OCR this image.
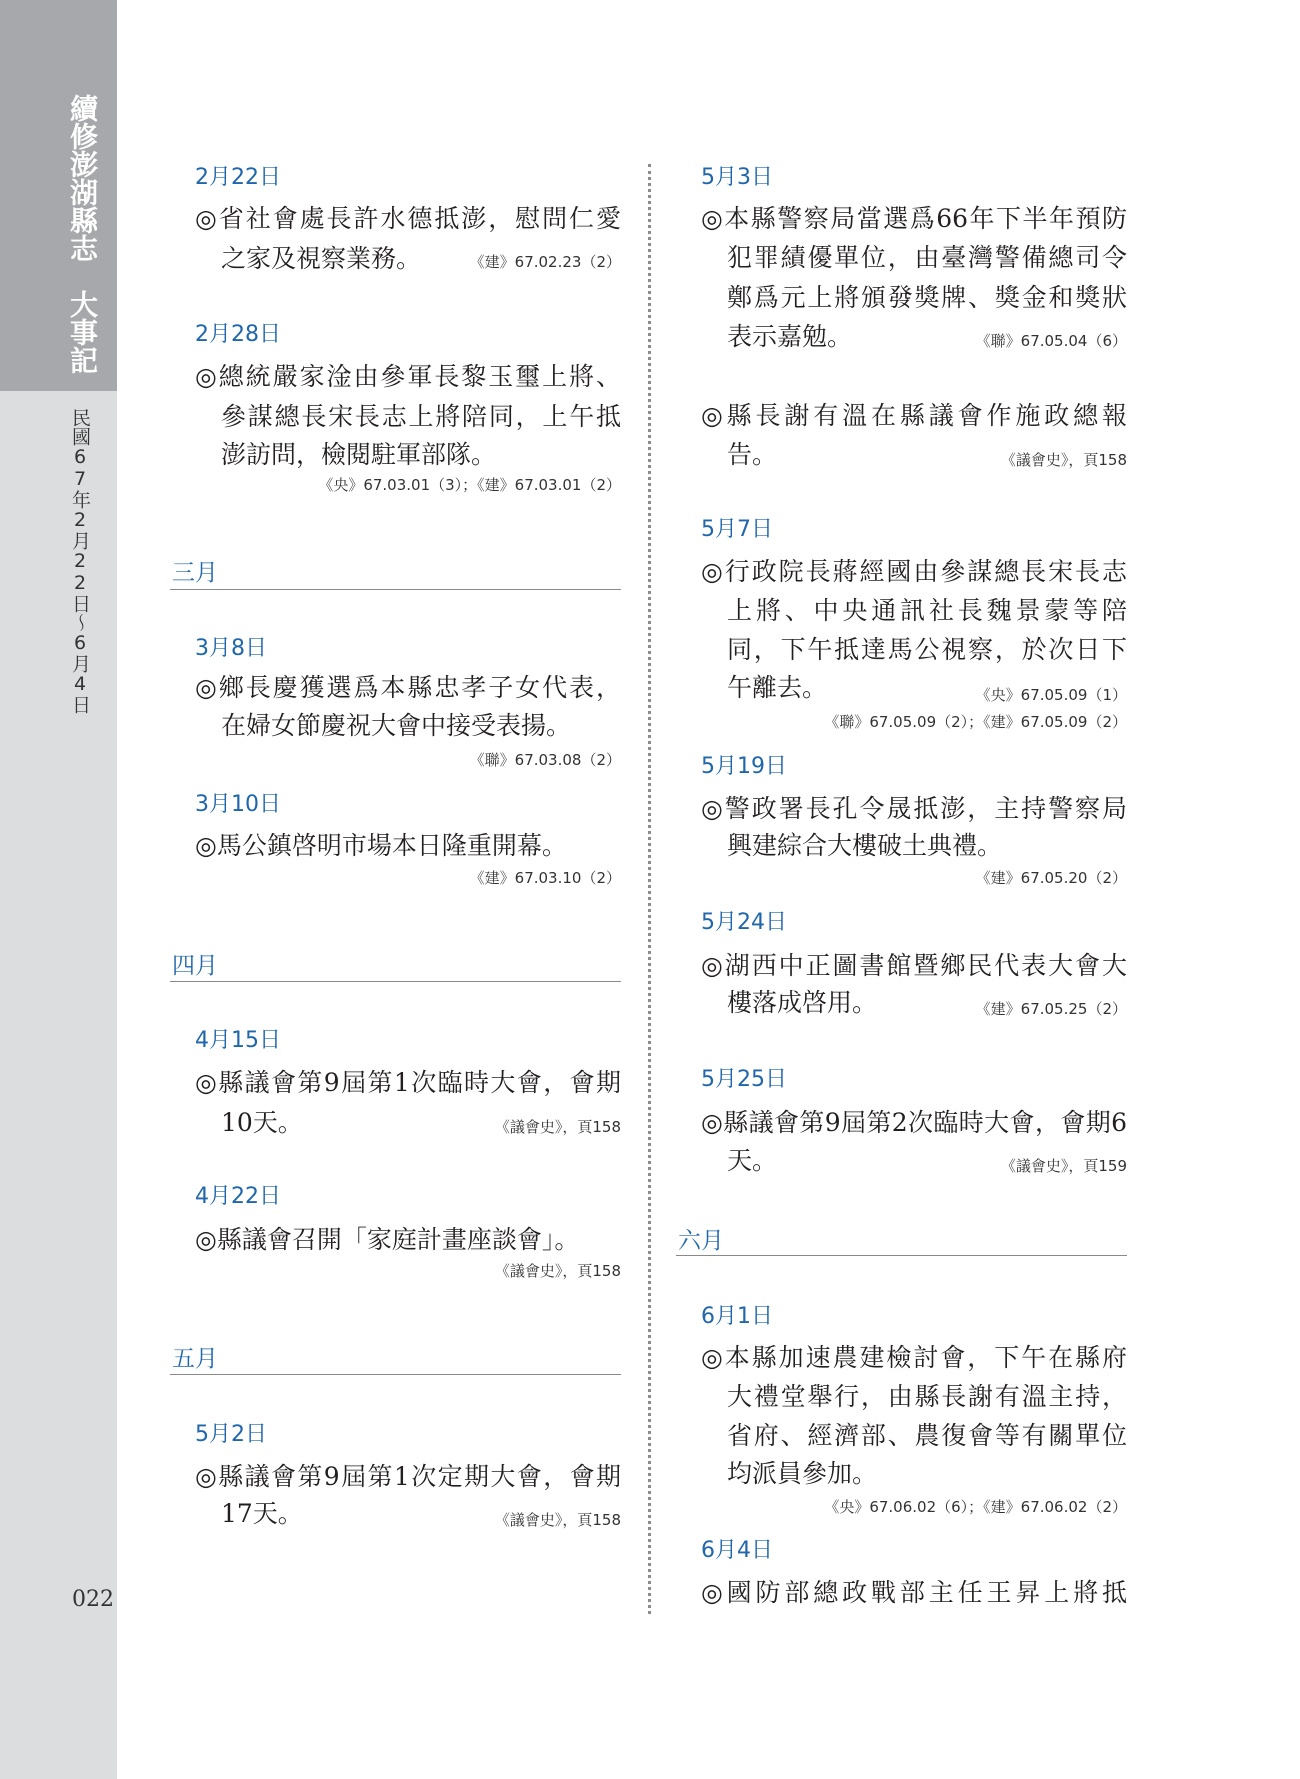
續修澎湖縣志　大事記
民國67年2月22日～6月4日
022
2月22日
◎省社會處長許水德抵澎，慰問仁愛
之家及視察業務。	《建》67.02.23（2）
2月28日
◎總統嚴家淦由參軍長黎玉璽上將、
參謀總長宋長志上將陪同，上午抵
澎訪問，檢閱駐軍部隊。
《央》67.03.01（3）；《建》67.03.01（2）
三月
3月8日
◎鄉長慶獲選爲本縣忠孝子女代表，
在婦女節慶祝大會中接受表揚。
《聯》67.03.08（2）
3月10日
◎馬公鎮啓明市場本日隆重開幕。
《建》67.03.10（2）
四月
4月15日
◎縣議會第9屆第1次臨時大會，會期
10天。	《議會史》，頁158
4月22日
◎縣議會召開「家庭計畫座談會」。
《議會史》，頁158
五月
5月2日
◎縣議會第9屆第1次定期大會，會期
17天。	《議會史》，頁158
5月3日
◎本縣警察局當選爲66年下半年預防
犯罪績優單位，由臺灣警備總司令
鄭爲元上將頒發獎牌、獎金和獎狀
表示嘉勉。	《聯》67.05.04（6）
◎縣長謝有溫在縣議會作施政總報
告。	《議會史》，頁158
5月7日
◎行政院長蔣經國由參謀總長宋長志
上將、中央通訊社長魏景蒙等陪
同，下午抵達馬公視察，於次日下
午離去。	《央》67.05.09（1）
《聯》67.05.09（2）；《建》67.05.09（2）
5月19日
◎警政署長孔令晟抵澎，主持警察局
興建綜合大樓破土典禮。
《建》67.05.20（2）
5月24日
◎湖西中正圖書館暨鄉民代表大會大
樓落成啓用。	《建》67.05.25（2）
5月25日
◎縣議會第9屆第2次臨時大會，會期6
天。	《議會史》，頁159
六月
6月1日
◎本縣加速農建檢討會，下午在縣府
大禮堂舉行，由縣長謝有溫主持，
省府、經濟部、農復會等有關單位
均派員參加。
《央》67.06.02（6）；《建》67.06.02（2）
6月4日
◎國防部總政戰部主任王昇上將抵
